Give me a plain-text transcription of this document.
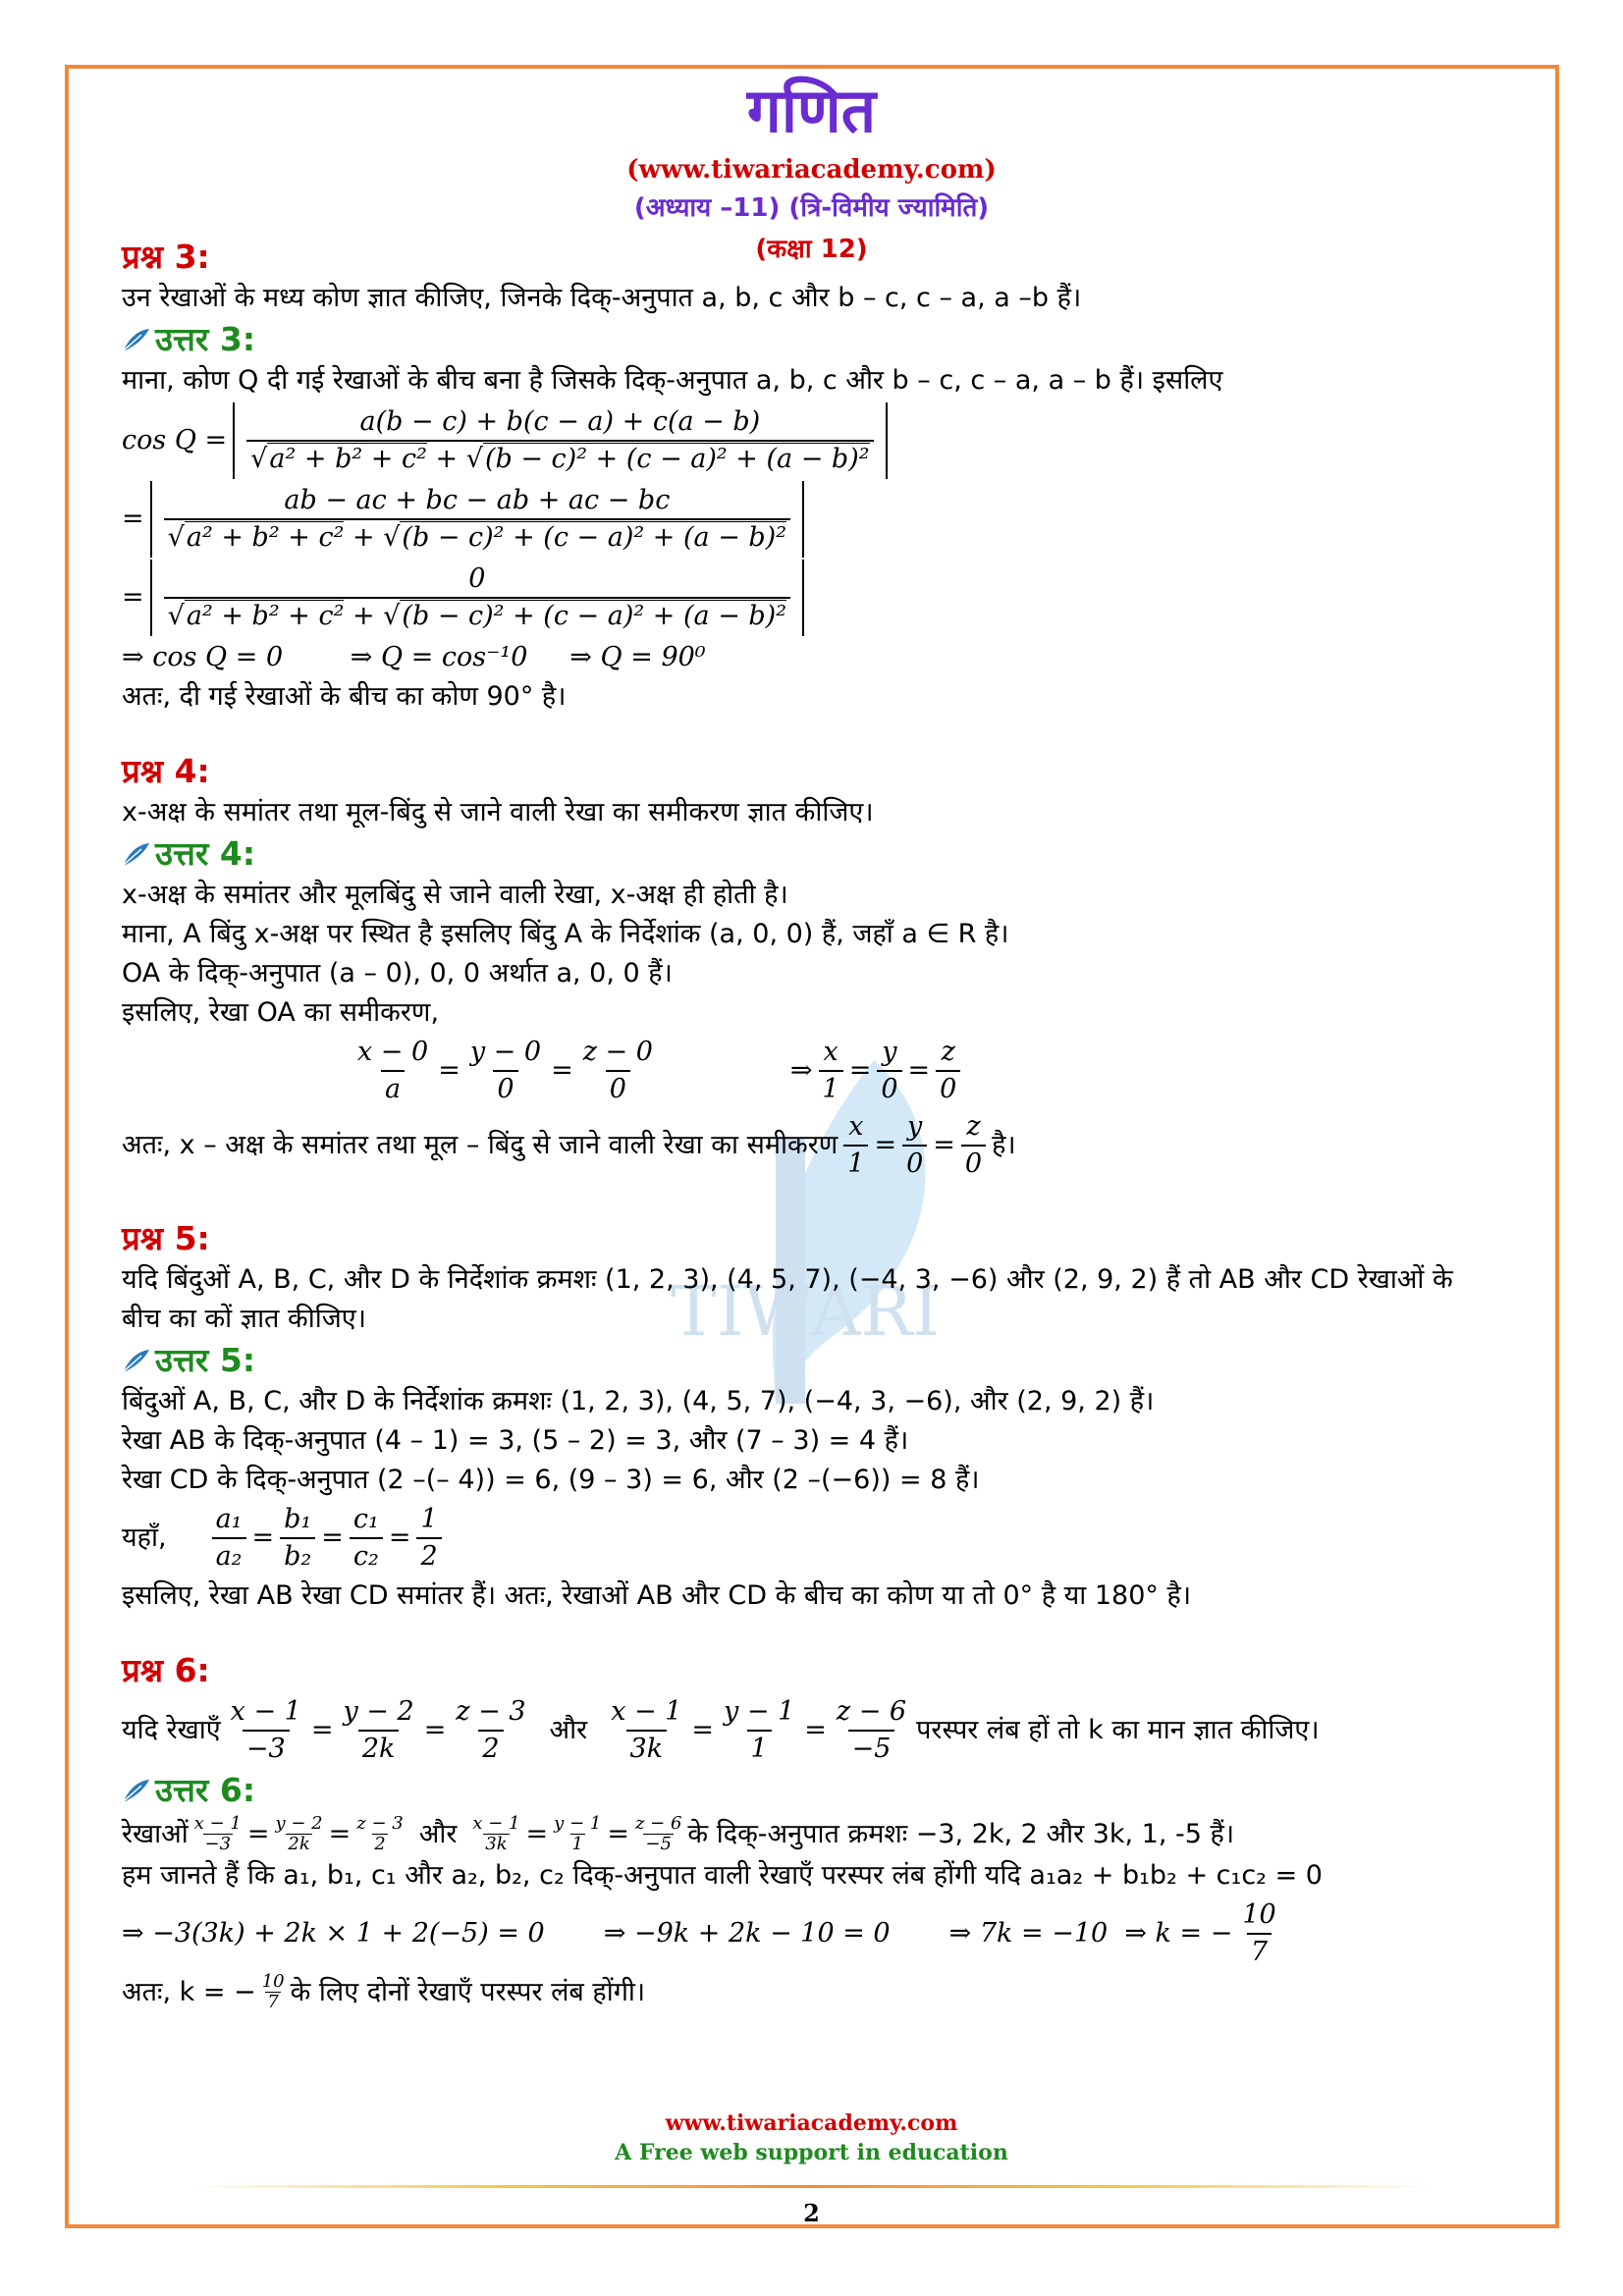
TIWARI
गणित
(www.tiwariacademy.com)
(अध्याय –11) (त्रि-विमीय ज्यामिति)
(कक्षा 12)
प्रश्न 3:
उन रेखाओं के मध्य कोण ज्ञात कीजिए, जिनके दिक्-अनुपात a, b, c और b – c, c – a, a –b हैं।
उत्तर 3:
माना, कोण Q दी गई रेखाओं के बीच बना है जिसके दिक्-अनुपात a, b, c और b – c, c – a, a – b हैं। इसलिए
$\cos Q = \frac{a(b - c) + b(c - a) + c(a - b)}{\text{√a² + b² + c² + √(b − c)² + (c − a)² + (a − b)²}}$
= $\frac{ab - ac + bc - ab + ac - bc}{\text{√a² + b² + c² + √(b − c)² + (c − a)² + (a − b)²}}$
= $\frac{0}{\text{√a² + b² + c² + √(b − c)² + (c − a)² + (a − b)²}}$
⇒ cos Q = 0        ⇒ Q = cos⁻¹0     ⇒ Q = 90⁰
अतः, दी गई रेखाओं के बीच का कोण 90° है।
प्रश्न 4:
x-अक्ष के समांतर तथा मूल-बिंदु से जाने वाली रेखा का समीकरण ज्ञात कीजिए।
उत्तर 4:
x-अक्ष के समांतर और मूलबिंदु से जाने वाली रेखा, x-अक्ष ही होती है।
माना, A बिंदु x-अक्ष पर स्थित है इसलिए बिंदु A के निर्देशांक (a, 0, 0) हैं, जहाँ a ∈ R है।
OA के दिक्-अनुपात (a – 0), 0, 0 अर्थात a, 0, 0 हैं।
इसलिए, रेखा OA का समीकरण,
$\frac{x - 0}{a} = \frac{y - 0}{0} = \frac{z - 0}{0}$	⇒ $\frac{x}{1} = \frac{y}{0} = \frac{z}{0}$
अतः, x – अक्ष के समांतर तथा मूल – बिंदु से जाने वाली रेखा का समीकरण $\frac{x}{1} = \frac{y}{0} = \frac{z}{0}$ है।
प्रश्न 5:
यदि बिंदुओं A, B, C, और D के निर्देशांक क्रमशः (1, 2, 3), (4, 5, 7), (−4, 3, −6) और (2, 9, 2) हैं तो AB और CD रेखाओं के
बीच का कों ज्ञात कीजिए।
उत्तर 5:
बिंदुओं A, B, C, और D के निर्देशांक क्रमशः (1, 2, 3), (4, 5, 7), (−4, 3, −6), और (2, 9, 2) हैं।
रेखा AB के दिक्-अनुपात (4 – 1) = 3, (5 – 2) = 3, और (7 – 3) = 4 हैं।
रेखा CD के दिक्-अनुपात (2 –(– 4)) = 6, (9 – 3) = 6, और (2 –(−6)) = 8 हैं।
यहाँ, $\frac{\text{a₁}}{\text{a₂}} = \frac{\text{b₁}}{\text{b₂}} = \frac{\text{c₁}}{\text{c₂}} = \frac{1}{2}$
इसलिए, रेखा AB रेखा CD समांतर हैं। अतः, रेखाओं AB और CD के बीच का कोण या तो 0° है या 180° है।
प्रश्न 6:
यदि रेखाएँ $\frac{x - 1}{-3} = \frac{y - 2}{2k} = \frac{z - 3}{2}$ और $\frac{x - 1}{3k} = \frac{y - 1}{1} = \frac{z - 6}{-5}$ परस्पर लंब हों तो k का मान ज्ञात कीजिए।
उत्तर 6:
रेखाओं $\frac{x - 1}{-3} = \frac{y - 2}{2k} = \frac{z - 3}{2}$ और $\frac{x - 1}{3k} = \frac{y - 1}{1} = \frac{z - 6}{-5}$ के दिक्-अनुपात क्रमशः −3, 2k, 2 और 3k, 1, -5 हैं।
हम जानते हैं कि a₁, b₁, c₁ और a₂, b₂, c₂ दिक्-अनुपात वाली रेखाएँ परस्पर लंब होंगी यदि a₁a₂ + b₁b₂ + c₁c₂ = 0
⇒ −3(3k) + 2k × 1 + 2(−5) = 0       ⇒ −9k + 2k − 10 = 0       ⇒ 7k = −10  ⇒ k = − $\frac{10}{7}$
अतः, k = − $\frac{10}{7}$ के लिए दोनों रेखाएँ परस्पर लंब होंगी।
www.tiwariacademy.com
A Free web support in education
2
